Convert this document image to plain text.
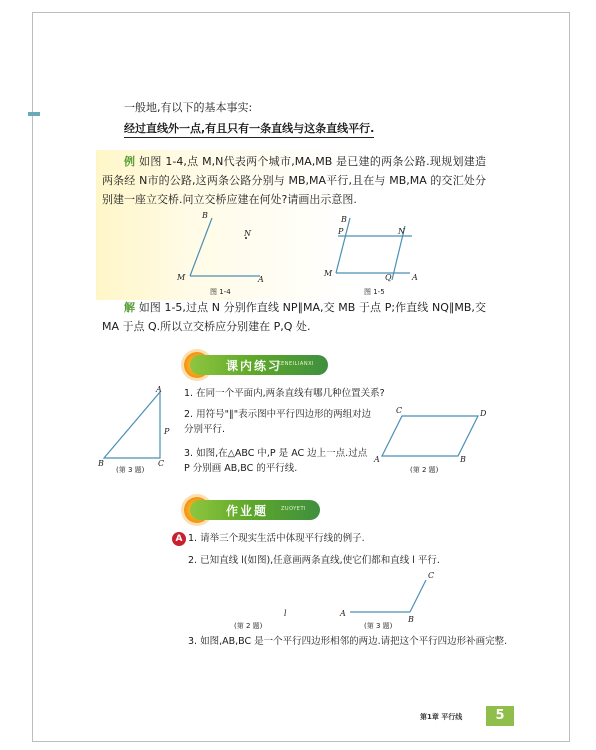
一般地,有以下的基本事实:
经过直线外一点,有且只有一条直线与这条直线平行.
例 如图 1-4,点 M,N代表两个城市,MA,MB 是已建的两条公路.现规划建造两条经 N市的公路,这两条公路分别与 MB,MA平行,且在与 MB,MA 的交汇处分别建一座立交桥.问立交桥应建在何处?请画出示意图.
B
N
M	A
图 1-4
B
P	N
M	Q	A
图 1-5
解 如图 1-5,过点 N 分别作直线 NP∥MA,交 MB 于点 P;作直线 NQ∥MB,交 MA 于点 Q.所以立交桥应分别建在 P,Q 处.
课内练习
KENEILIANXI
1. 在同一个平面内,两条直线有哪几种位置关系?
2. 用符号"∥"表示图中平行四边形的两组对边分别平行.
3. 如图,在△ABC 中,P 是 AC 边上一点.过点 P 分别画 AB,BC 的平行线.
A
P
B	C
(第 3 题)
C	D
A	B
(第 2 题)
作业题	ZUOYETI
A 1. 请举三个现实生活中体现平行线的例子.
2. 已知直线 l(如图),任意画两条直线,使它们都和直线 l 平行.
3. 如图,AB,BC 是一个平行四边形相邻的两边.请把这个平行四边形补画完整.
l
(第 2 题)
C
A
B
(第 3 题)
第1章 平行线	5
